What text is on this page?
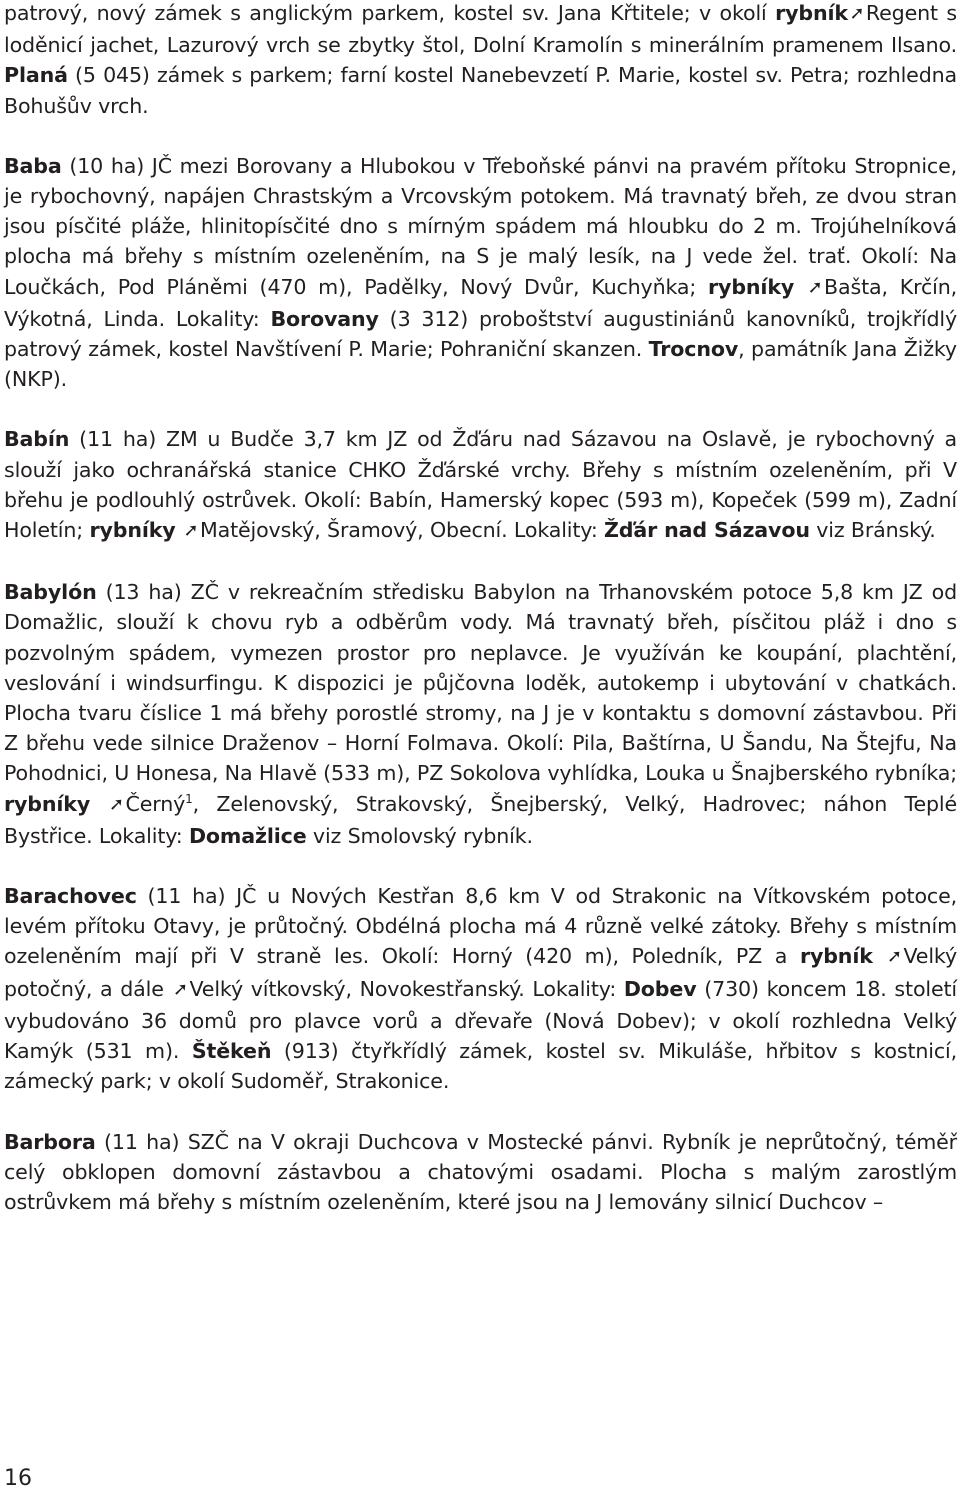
patrový, nový zámek s anglickým parkem, kostel sv. Jana Křtitele; v okolí rybník➚Regent s loděnicí jachet, Lazurový vrch se zbytky štol, Dolní Kramolín s minerálním pramenem Ilsano. Planá (5 045) zámek s parkem; farní kostel Nanebevzetí P. Marie, kostel sv. Petra; rozhledna Bohušův vrch.

Baba (10 ha) JČ mezi Borovany a Hlubokou v Třeboňské pánvi na pravém přítoku Stropnice, je rybochovný, napájen Chrastským a Vrcovským potokem. Má travnatý břeh, ze dvou stran jsou písčité pláže, hlinitopísčité dno s mírným spádem má hloubku do 2 m. Trojúhelníková plocha má břehy s místním ozeleněním, na S je malý lesík, na J vede žel. trať. Okolí: Na Loučkách, Pod Pláněmi (470 m), Padělky, Nový Dvůr, Kuchyňka; rybníky ➚Bašta, Krčín, Výkotná, Linda. Lokality: Borovany (3 312) proboštství augustiniánů kanovníků, trojkřídlý patrový zámek, kostel Navštívení P. Marie; Pohraniční skanzen. Trocnov, památník Jana Žižky (NKP).

Babín (11 ha) ZM u Budče 3,7 km JZ od Žďáru nad Sázavou na Oslavě, je rybochovný a slouží jako ochranářská stanice CHKO Žďárské vrchy. Břehy s místním ozeleněním, při V břehu je podlouhlý ostrůvek. Okolí: Babín, Hamerský kopec (593 m), Kopeček (599 m), Zadní Holetín; rybníky ➚Matějovský, Šramový, Obecní. Lokality: Žďár nad Sázavou viz Bránský.

Babylón (13 ha) ZČ v rekreačním středisku Babylon na Trhanovském potoce 5,8 km JZ od Domažlic, slouží k chovu ryb a odběrům vody. Má travnatý břeh, písčitou pláž i dno s pozvolným spádem, vymezen prostor pro neplavce. Je využíván ke koupání, plachtění, veslování i windsurfingu. K dispozici je půjčovna loděk, autokemp i ubytování v chatkách. Plocha tvaru číslice 1 má břehy porostlé stromy, na J je v kontaktu s domovní zástavbou. Při Z břehu vede silnice Draženov – Horní Folmava. Okolí: Pila, Baštírna, U Šandu, Na Štejfu, Na Pohodnici, U Honesa, Na Hlavě (533 m), PZ Sokolova vyhlídka, Louka u Šnajberského rybníka; rybníky ➚Černý$^1$, Zelenovský, Strakovský, Šnejberský, Velký, Hadrovec; náhon Teplé Bystřice. Lokality: Domažlice viz Smolovský rybník.

Barachovec (11 ha) JČ u Nových Kestřan 8,6 km V od Strakonic na Vítkovském potoce, levém přítoku Otavy, je průtočný. Obdélná plocha má 4 různě velké zátoky. Břehy s místním ozeleněním mají při V straně les. Okolí: Horný (420 m), Poledník, PZ a rybník ➚Velký potočný, a dále ➚Velký vítkovský, Novokestřanský. Lokality: Dobev (730) koncem 18. století vybudováno 36 domů pro plavce vorů a dřevaře (Nová Dobev); v okolí rozhledna Velký Kamýk (531 m). Štěkeň (913) čtyřkřídlý zámek, kostel sv. Mikuláše, hřbitov s kostnicí, zámecký park; v okolí Sudoměř, Strakonice.

Barbora (11 ha) SZČ na V okraji Duchcova v Mostecké pánvi. Rybník je neprůtočný, téměř celý obklopen domovní zástavbou a chatovými osadami. Plocha s malým zarostlým ostrůvkem má břehy s místním ozeleněním, které jsou na J lemovány silnicí Duchcov –

16
